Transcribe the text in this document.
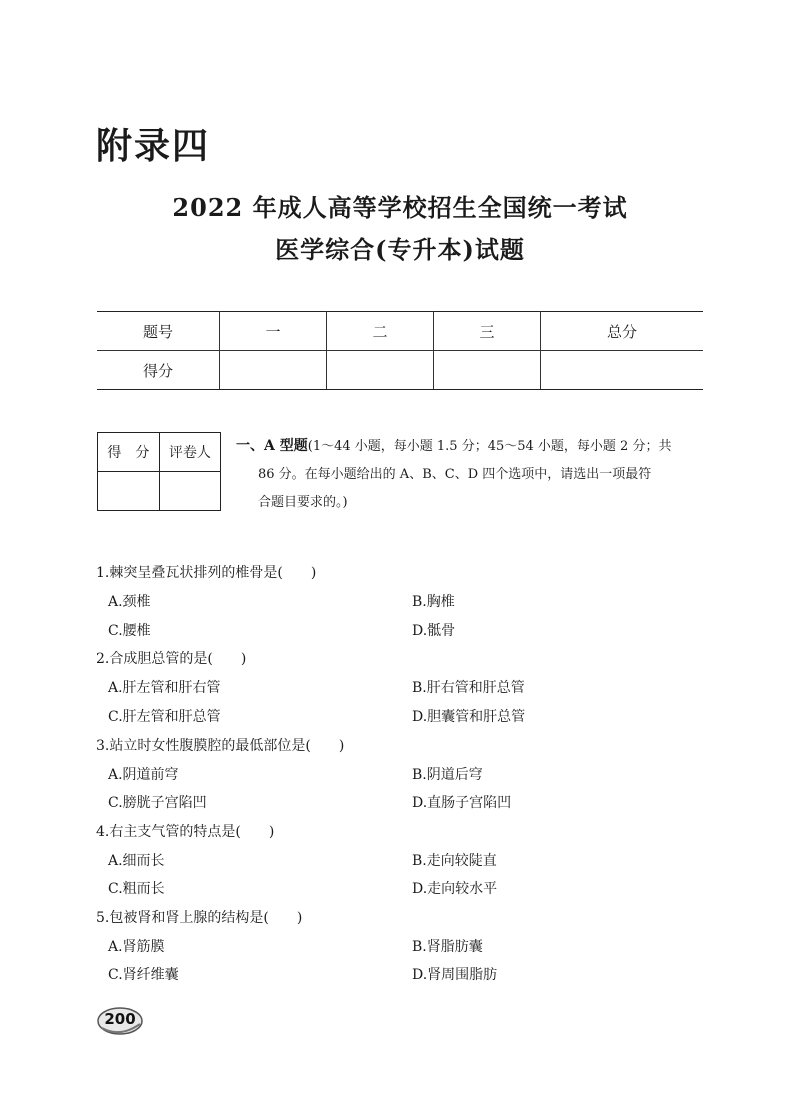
附录四
2022 年成人高等学校招生全国统一考试
医学综合(专升本)试题
题号	一	二	三	总分
得分				
得　分	评卷人
	一、A 型题(1～44 小题，每小题 1.5 分；45～54 小题，每小题 2 分；共
86 分。在每小题给出的 A、B、C、D 四个选项中，请选出一项最符
合题目要求的。)

1.棘突呈叠瓦状排列的椎骨是(　　)

A.颈椎	B.胸椎

C.腰椎	D.骶骨

2.合成胆总管的是(　　)

A.肝左管和肝右管	B.肝右管和肝总管

C.肝左管和肝总管	D.胆囊管和肝总管

3.站立时女性腹膜腔的最低部位是(　　)

A.阴道前穹	B.阴道后穹

C.膀胱子宫陷凹	D.直肠子宫陷凹

4.右主支气管的特点是(　　)

A.细而长	B.走向较陡直

C.粗而长	D.走向较水平

5.包被肾和肾上腺的结构是(　　)

A.肾筋膜	B.肾脂肪囊

C.肾纤维囊	D.肾周围脂肪

200
